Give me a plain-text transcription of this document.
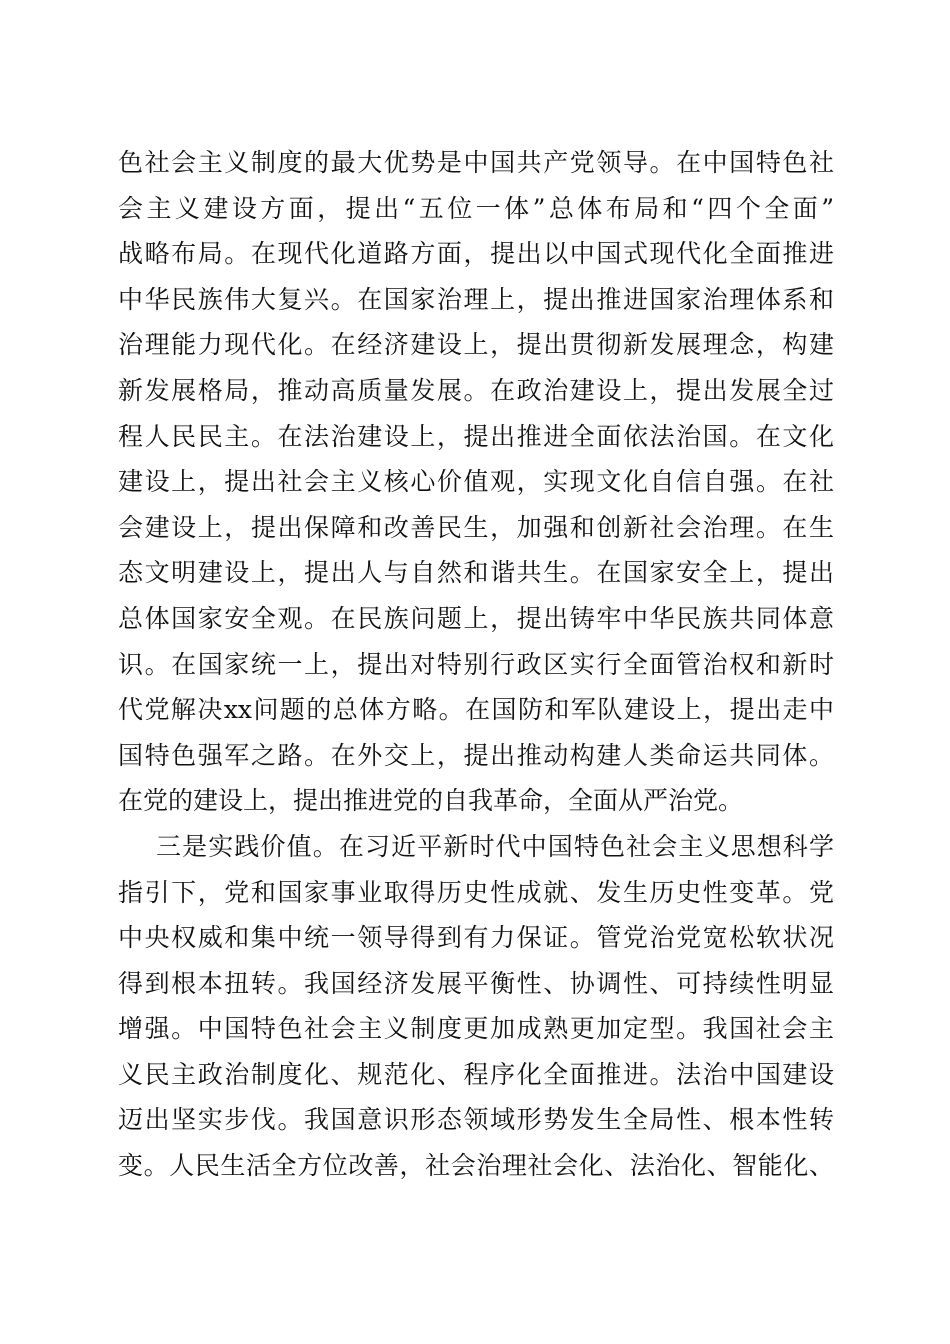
色社会主义制度的最大优势是中国共产党领导。在中国特色社
会主义建设方面，提出“五位一体”总体布局和“四个全面”
战略布局。在现代化道路方面，提出以中国式现代化全面推进
中华民族伟大复兴。在国家治理上，提出推进国家治理体系和
治理能力现代化。在经济建设上，提出贯彻新发展理念，构建
新发展格局，推动高质量发展。在政治建设上，提出发展全过
程人民民主。在法治建设上，提出推进全面依法治国。在文化
建设上，提出社会主义核心价值观，实现文化自信自强。在社
会建设上，提出保障和改善民生，加强和创新社会治理。在生
态文明建设上，提出人与自然和谐共生。在国家安全上，提出
总体国家安全观。在民族问题上，提出铸牢中华民族共同体意
识。在国家统一上，提出对特别行政区实行全面管治权和新时
代党解决xx问题的总体方略。在国防和军队建设上，提出走中
国特色强军之路。在外交上，提出推动构建人类命运共同体。
在党的建设上，提出推进党的自我革命，全面从严治党。
三是实践价值。在习近平新时代中国特色社会主义思想科学
指引下，党和国家事业取得历史性成就、发生历史性变革。党
中央权威和集中统一领导得到有力保证。管党治党宽松软状况
得到根本扭转。我国经济发展平衡性、协调性、可持续性明显
增强。中国特色社会主义制度更加成熟更加定型。我国社会主
义民主政治制度化、规范化、程序化全面推进。法治中国建设
迈出坚实步伐。我国意识形态领域形势发生全局性、根本性转
变。人民生活全方位改善，社会治理社会化、法治化、智能化、
